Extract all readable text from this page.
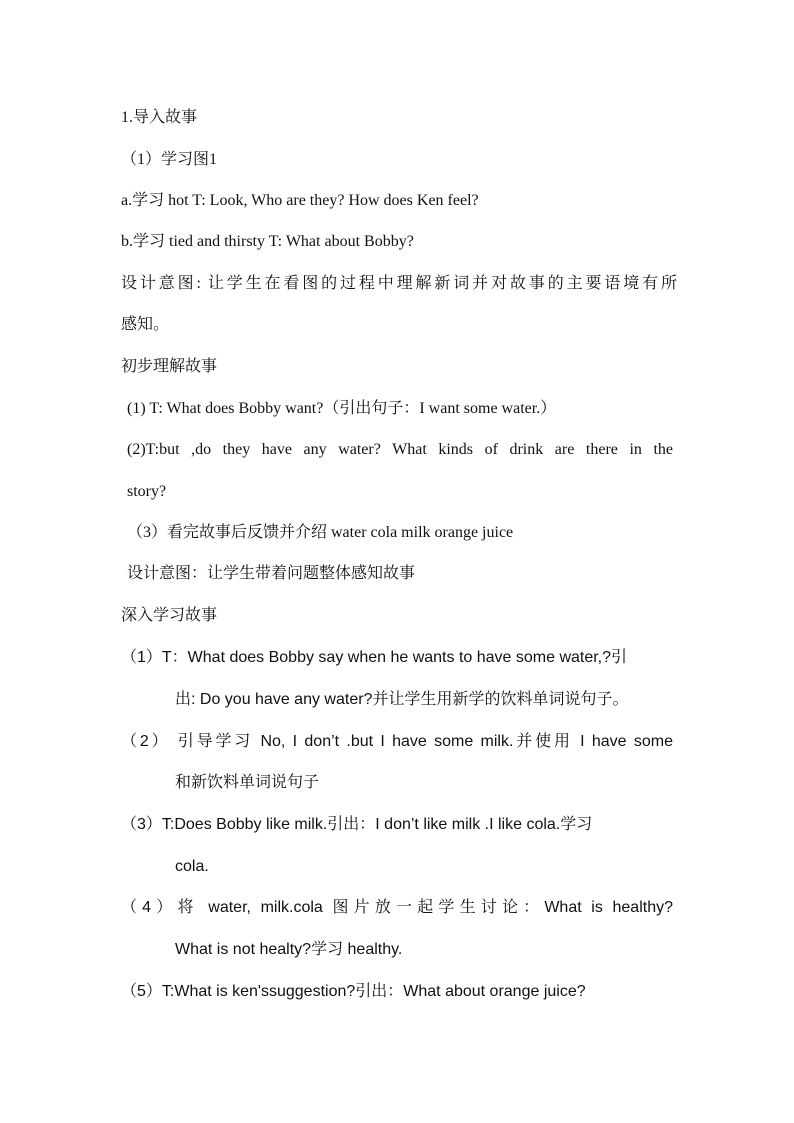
1.导入故事
（1）学习图1
a.学习 hot T: Look, Who are they? How does Ken feel?
b.学习 tied and thirsty T: What about Bobby?
设计意图: 让学生在看图的过程中理解新词并对故事的主要语境有所
感知。
初步理解故事
(1) T: What does Bobby want?（引出句子：I want some water.）
(2)T:but ,do they have any water? What kinds of drink are there in the
story?
（3）看完故事后反馈并介绍 water cola milk orange juice
设计意图：让学生带着问题整体感知故事
深入学习故事
（1）T：What does Bobby say when he wants to have some water,?引
出: Do you have any water?并让学生用新学的饮料单词说句子。
（2） 引导学习 No, I don’t .but I have some milk.并使用 I have some
和新饮料单词说句子
（3）T:Does Bobby like milk.引出：I don’t like milk .I like cola.学习
cola.
（4）将 water, milk.cola 图片放一起学生讨论：What is healthy?
What is not healty?学习 healthy.
（5）T:What is ken'ssuggestion?引出：What about orange juice?
